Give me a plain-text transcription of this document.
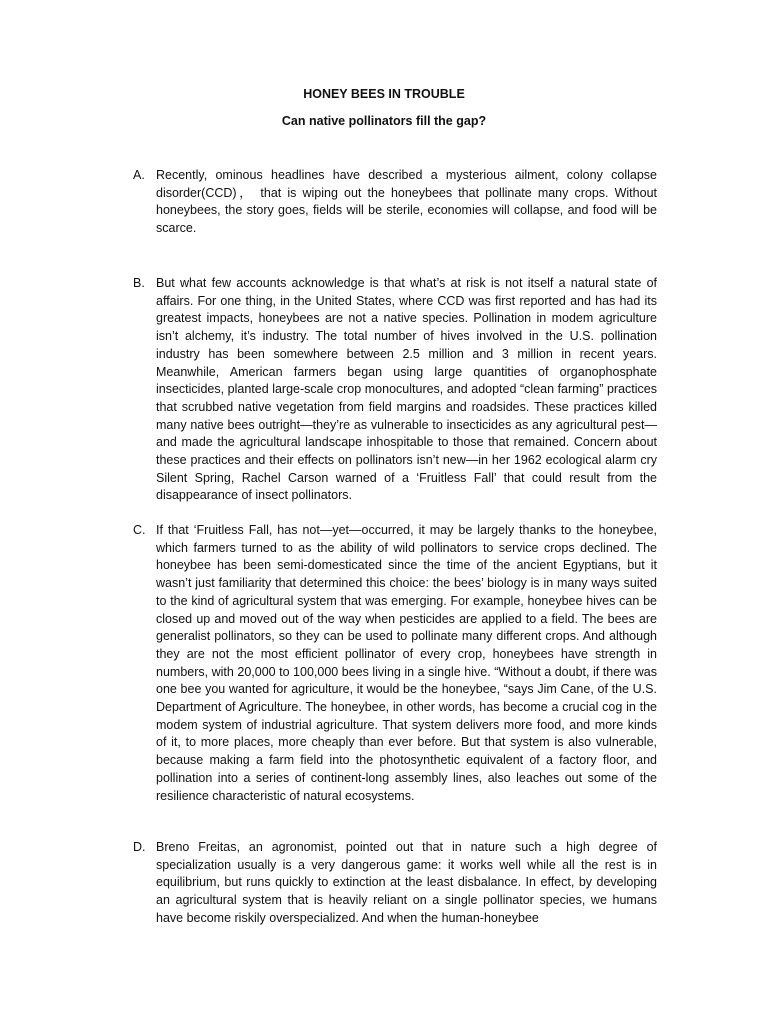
HONEY BEES IN TROUBLE
Can native pollinators fill the gap?
A. Recently, ominous headlines have described a mysterious ailment, colony collapse disorder(CCD)， that is wiping out the honeybees that pollinate many crops. Without honeybees, the story goes, fields will be sterile, economies will collapse, and food will be scarce.
B. But what few accounts acknowledge is that what’s at risk is not itself a natural state of affairs. For one thing, in the United States, where CCD was first reported and has had its greatest impacts, honeybees are not a native species. Pollination in modem agriculture isn’t alchemy, it’s industry. The total number of hives involved in the U.S. pollination industry has been somewhere between 2.5 million and 3 million in recent years. Meanwhile, American farmers began using large quantities of organophosphate insecticides, planted large-scale crop monocultures, and adopted “clean farming” practices that scrubbed native vegetation from field margins and roadsides. These practices killed many native bees outright—they’re as vulnerable to insecticides as any agricultural pest—and made the agricultural landscape inhospitable to those that remained. Concern about these practices and their effects on pollinators isn’t new—in her 1962 ecological alarm cry Silent Spring, Rachel Carson warned of a ‘Fruitless Fall’ that could result from the disappearance of insect pollinators.
C. If that ‘Fruitless Fall, has not—yet—occurred, it may be largely thanks to the honeybee, which farmers turned to as the ability of wild pollinators to service crops declined. The honeybee has been semi-domesticated since the time of the ancient Egyptians, but it wasn’t just familiarity that determined this choice: the bees’ biology is in many ways suited to the kind of agricultural system that was emerging. For example, honeybee hives can be closed up and moved out of the way when pesticides are applied to a field. The bees are generalist pollinators, so they can be used to pollinate many different crops. And although they are not the most efficient pollinator of every crop, honeybees have strength in numbers, with 20,000 to 100,000 bees living in a single hive. “Without a doubt, if there was one bee you wanted for agriculture, it would be the honeybee, “says Jim Cane, of the U.S. Department of Agriculture. The honeybee, in other words, has become a crucial cog in the modem system of industrial agriculture. That system delivers more food, and more kinds of it, to more places, more cheaply than ever before. But that system is also vulnerable, because making a farm field into the photosynthetic equivalent of a factory floor, and pollination into a series of continent-long assembly lines, also leaches out some of the resilience characteristic of natural ecosystems.
D. Breno Freitas, an agronomist, pointed out that in nature such a high degree of specialization usually is a very dangerous game: it works well while all the rest is in equilibrium, but runs quickly to extinction at the least disbalance. In effect, by developing an agricultural system that is heavily reliant on a single pollinator species, we humans have become riskily overspecialized. And when the human-honeybee
